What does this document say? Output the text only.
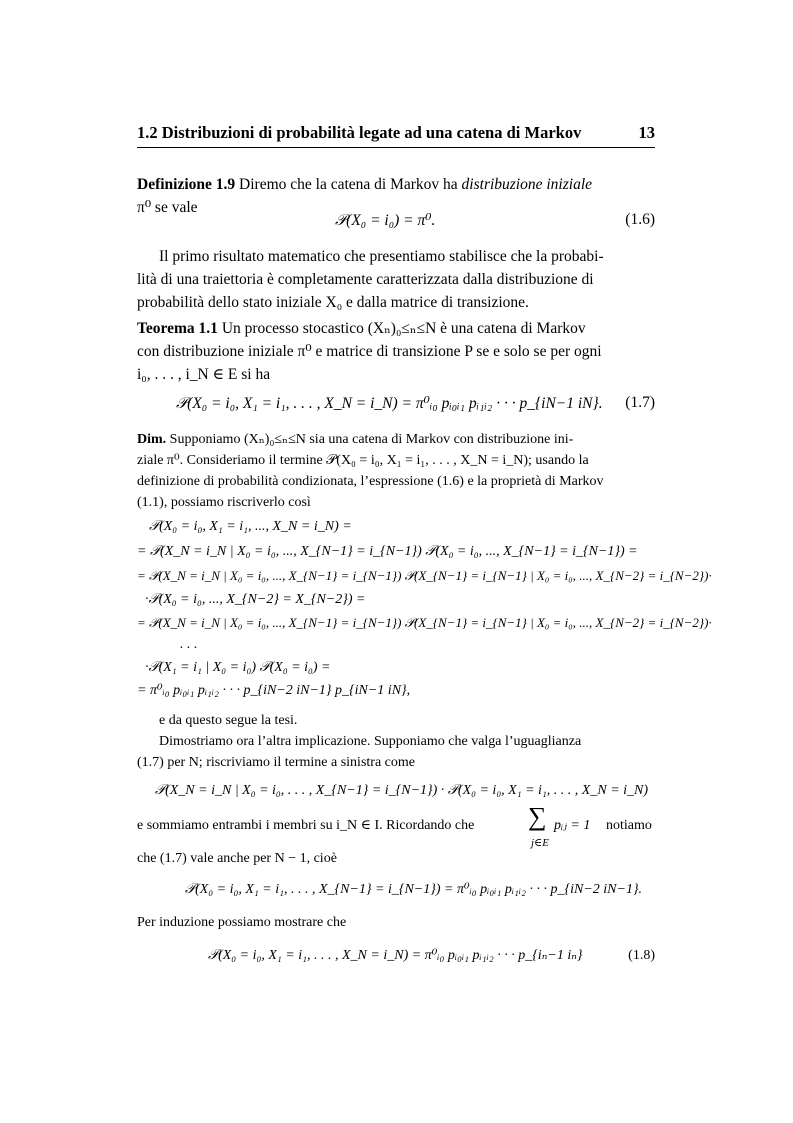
1.2 Distribuzioni di probabilità legate ad una catena di Markov	13
Definizione 1.9 Diremo che la catena di Markov ha distribuzione iniziale
π⁰ se vale
𝒫(X₀ = i₀) = π⁰.	(1.6)
Il primo risultato matematico che presentiamo stabilisce che la probabi-
lità di una traiettoria è completamente caratterizzata dalla distribuzione di
probabilità dello stato iniziale X₀ e dalla matrice di transizione.
Teorema 1.1 Un processo stocastico (Xₙ)₀≤ₙ≤N è una catena di Markov
con distribuzione iniziale π⁰ e matrice di transizione P se e solo se per ogni
i₀, . . . , i_N ∈ E si ha
𝒫(X₀ = i₀, X₁ = i₁, . . . , X_N = i_N) = π⁰ᵢ₀ pᵢ₀ᵢ₁ pᵢ₁ᵢ₂ · · · p_{iN−1 iN}. (1.7)
Dim. Supponiamo (Xₙ)₀≤ₙ≤N sia una catena di Markov con distribuzione ini-
ziale π⁰. Consideriamo il termine 𝒫(X₀ = i₀, X₁ = i₁, . . . , X_N = i_N); usando la
definizione di probabilità condizionata, l’espressione (1.6) e la proprietà di Markov
(1.1), possiamo riscriverlo così
𝒫(X₀ = i₀, X₁ = i₁, ..., X_N = i_N) =
= 𝒫(X_N = i_N | X₀ = i₀, ..., X_{N−1} = i_{N−1}) 𝒫(X₀ = i₀, ..., X_{N−1} = i_{N−1}) =
= 𝒫(X_N = i_N | X₀ = i₀, ..., X_{N−1} = i_{N−1}) 𝒫(X_{N−1} = i_{N−1} | X₀ = i₀, ..., X_{N−2} = i_{N−2})·
·𝒫(X₀ = i₀, ..., X_{N−2} = X_{N−2}) =
= 𝒫(X_N = i_N | X₀ = i₀, ..., X_{N−1} = i_{N−1}) 𝒫(X_{N−1} = i_{N−1} | X₀ = i₀, ..., X_{N−2} = i_{N−2})·
. . .
·𝒫(X₁ = i₁ | X₀ = i₀) 𝒫(X₀ = i₀) =
= π⁰ᵢ₀ pᵢ₀ᵢ₁ pᵢ₁ᵢ₂ · · · p_{iN−2 iN−1} p_{iN−1 iN},
e da questo segue la tesi.
Dimostriamo ora l’altra implicazione. Supponiamo che valga l’uguaglianza
(1.7) per N; riscriviamo il termine a sinistra come
𝒫(X_N = i_N | X₀ = i₀, . . . , X_{N−1} = i_{N−1}) · 𝒫(X₀ = i₀, X₁ = i₁, . . . , X_N = i_N)
e sommiamo entrambi i membri su i_N ∈ I. Ricordando che ∑
j∈E
pᵢⱼ = 1 notiamo
che (1.7) vale anche per N − 1, cioè
𝒫(X₀ = i₀, X₁ = i₁, . . . , X_{N−1} = i_{N−1}) = π⁰ᵢ₀ pᵢ₀ᵢ₁ pᵢ₁ᵢ₂ · · · p_{iN−2 iN−1}.
Per induzione possiamo mostrare che
𝒫(X₀ = i₀, X₁ = i₁, . . . , X_N = i_N) = π⁰ᵢ₀ pᵢ₀ᵢ₁ pᵢ₁ᵢ₂ · · · p_{iₙ−1 iₙ}	(1.8)
